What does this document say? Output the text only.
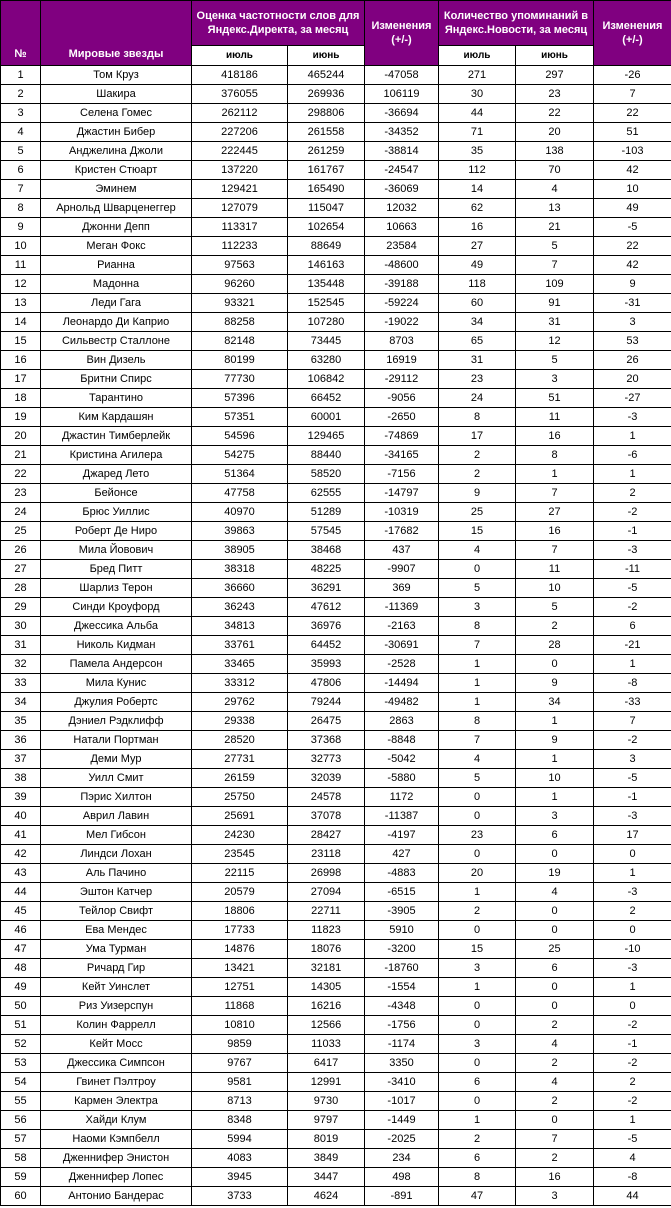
№	Мировые звезды	Оценка частотности слов для Яндекс.Директа, за месяц		Изменения (+/-)	Количество упоминаний в Яндекс.Новости, за месяц		Изменения (+/-)
		июль	июнь		июль	июнь	
1	Том Круз	418186	465244	-47058	271	297	-26
2	Шакира	376055	269936	106119	30	23	7
3	Селена Гомес	262112	298806	-36694	44	22	22
4	Джастин Бибер	227206	261558	-34352	71	20	51
5	Анджелина Джоли	222445	261259	-38814	35	138	-103
6	Кристен Стюарт	137220	161767	-24547	112	70	42
7	Эминем	129421	165490	-36069	14	4	10
8	Арнольд Шварценеггер	127079	115047	12032	62	13	49
9	Джонни Депп	113317	102654	10663	16	21	-5
10	Меган Фокс	112233	88649	23584	27	5	22
11	Рианна	97563	146163	-48600	49	7	42
12	Мадонна	96260	135448	-39188	118	109	9
13	Леди Гага	93321	152545	-59224	60	91	-31
14	Леонардо Ди Каприо	88258	107280	-19022	34	31	3
15	Сильвестр Сталлоне	82148	73445	8703	65	12	53
16	Вин Дизель	80199	63280	16919	31	5	26
17	Бритни Спирс	77730	106842	-29112	23	3	20
18	Тарантино	57396	66452	-9056	24	51	-27
19	Ким Кардашян	57351	60001	-2650	8	11	-3
20	Джастин Тимберлейк	54596	129465	-74869	17	16	1
21	Кристина Агилера	54275	88440	-34165	2	8	-6
22	Джаред Лето	51364	58520	-7156	2	1	1
23	Бейонсе	47758	62555	-14797	9	7	2
24	Брюс Уиллис	40970	51289	-10319	25	27	-2
25	Роберт Де Ниро	39863	57545	-17682	15	16	-1
26	Мила Йовович	38905	38468	437	4	7	-3
27	Бред Питт	38318	48225	-9907	0	11	-11
28	Шарлиз Терон	36660	36291	369	5	10	-5
29	Синди Кроуфорд	36243	47612	-11369	3	5	-2
30	Джессика Альба	34813	36976	-2163	8	2	6
31	Николь Кидман	33761	64452	-30691	7	28	-21
32	Памела Андерсон	33465	35993	-2528	1	0	1
33	Мила Кунис	33312	47806	-14494	1	9	-8
34	Джулия Робертс	29762	79244	-49482	1	34	-33
35	Дэниел Рэдклифф	29338	26475	2863	8	1	7
36	Натали Портман	28520	37368	-8848	7	9	-2
37	Деми Мур	27731	32773	-5042	4	1	3
38	Уилл Смит	26159	32039	-5880	5	10	-5
39	Пэрис Хилтон	25750	24578	1172	0	1	-1
40	Аврил Лавин	25691	37078	-11387	0	3	-3
41	Мел Гибсон	24230	28427	-4197	23	6	17
42	Линдси Лохан	23545	23118	427	0	0	0
43	Аль Пачино	22115	26998	-4883	20	19	1
44	Эштон Катчер	20579	27094	-6515	1	4	-3
45	Тейлор Свифт	18806	22711	-3905	2	0	2
46	Ева Мендес	17733	11823	5910	0	0	0
47	Ума Турман	14876	18076	-3200	15	25	-10
48	Ричард Гир	13421	32181	-18760	3	6	-3
49	Кейт Уинслет	12751	14305	-1554	1	0	1
50	Риз Уизерспун	11868	16216	-4348	0	0	0
51	Колин Фаррелл	10810	12566	-1756	0	2	-2
52	Кейт Мосс	9859	11033	-1174	3	4	-1
53	Джессика Симпсон	9767	6417	3350	0	2	-2
54	Гвинет Пэлтроу	9581	12991	-3410	6	4	2
55	Кармен Электра	8713	9730	-1017	0	2	-2
56	Хайди Клум	8348	9797	-1449	1	0	1
57	Наоми Кэмпбелл	5994	8019	-2025	2	7	-5
58	Дженнифер Энистон	4083	3849	234	6	2	4
59	Дженнифер Лопес	3945	3447	498	8	16	-8
60	Антонио Бандерас	3733	4624	-891	47	3	44
